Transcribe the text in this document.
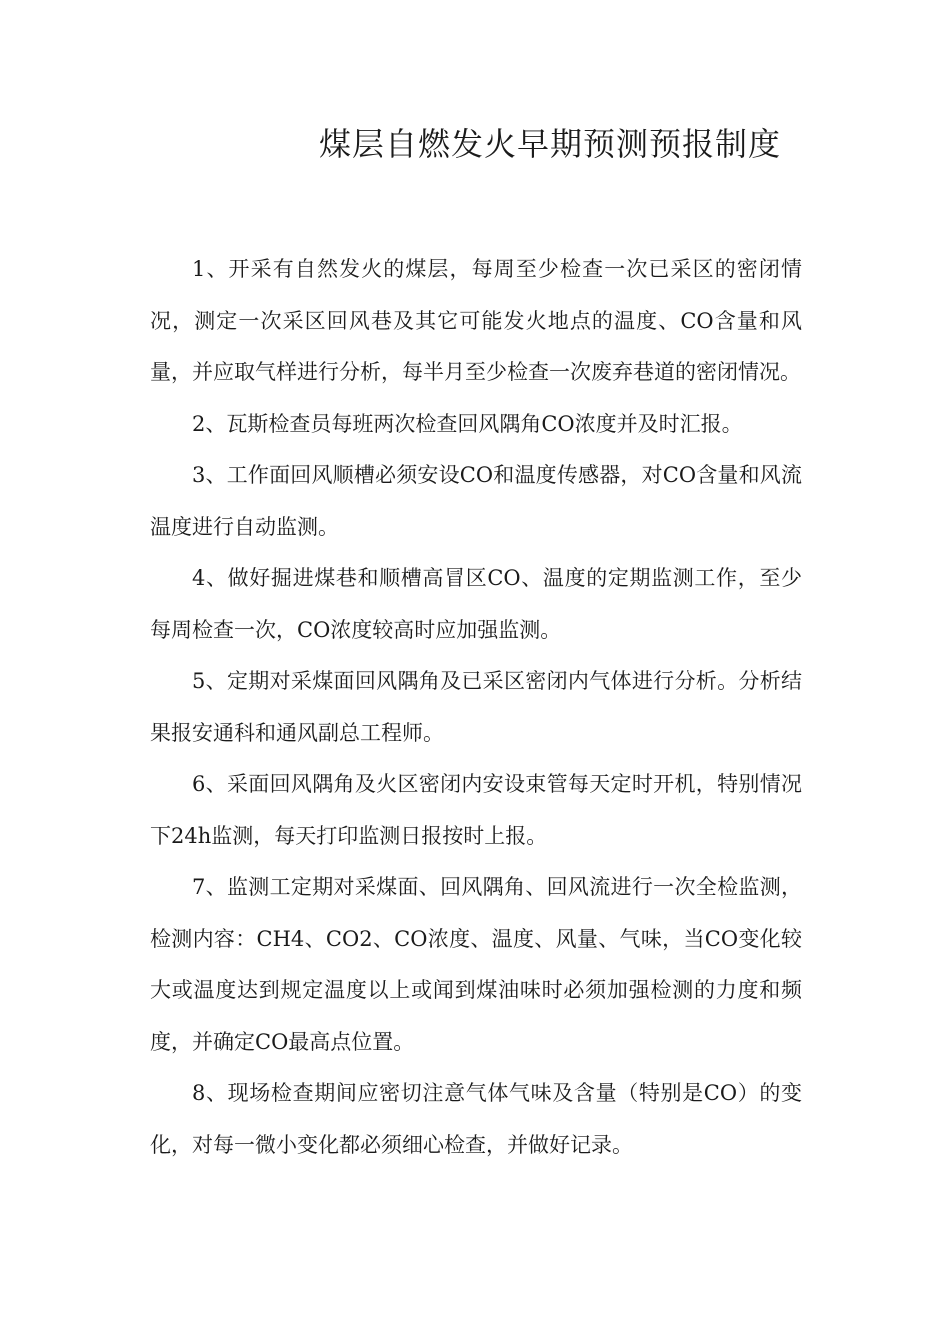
煤层自燃发火早期预测预报制度

1、开采有自然发火的煤层，每周至少检查一次已采区的密闭情况，测定一次采区回风巷及其它可能发火地点的温度、CO含量和风量，并应取气样进行分析，每半月至少检查一次废弃巷道的密闭情况。

2、瓦斯检查员每班两次检查回风隅角CO浓度并及时汇报。

3、工作面回风顺槽必须安设CO和温度传感器，对CO含量和风流温度进行自动监测。

4、做好掘进煤巷和顺槽高冒区CO、温度的定期监测工作，至少每周检查一次，CO浓度较高时应加强监测。

5、定期对采煤面回风隅角及已采区密闭内气体进行分析。分析结果报安通科和通风副总工程师。

6、采面回风隅角及火区密闭内安设束管每天定时开机，特别情况下24h监测，每天打印监测日报按时上报。

7、监测工定期对采煤面、回风隅角、回风流进行一次全检监测，检测内容：CH4、CO2、CO浓度、温度、风量、气味，当CO变化较大或温度达到规定温度以上或闻到煤油味时必须加强检测的力度和频度，并确定CO最高点位置。

8、现场检查期间应密切注意气体气味及含量（特别是CO）的变化，对每一微小变化都必须细心检查，并做好记录。
